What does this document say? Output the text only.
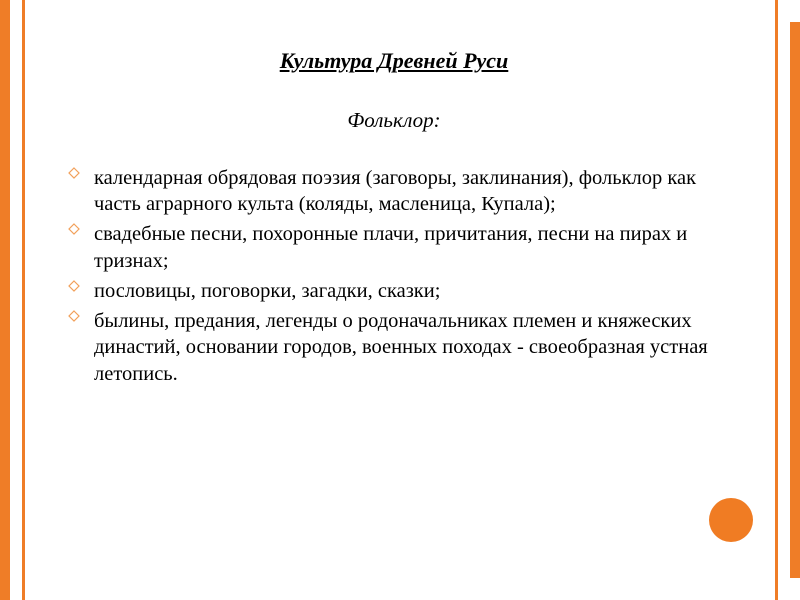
Культура Древней Руси
Фольклор:
календарная обрядовая поэзия (заговоры, заклинания), фольклор как часть аграрного культа (коляды, масленица, Купала);
свадебные песни, похоронные плачи, причитания, песни на пирах и тризнах;
пословицы, поговорки, загадки, сказки;
былины, предания, легенды о родоначальниках племен и княжеских династий, основании городов, военных походах - своеобразная устная летопись.
